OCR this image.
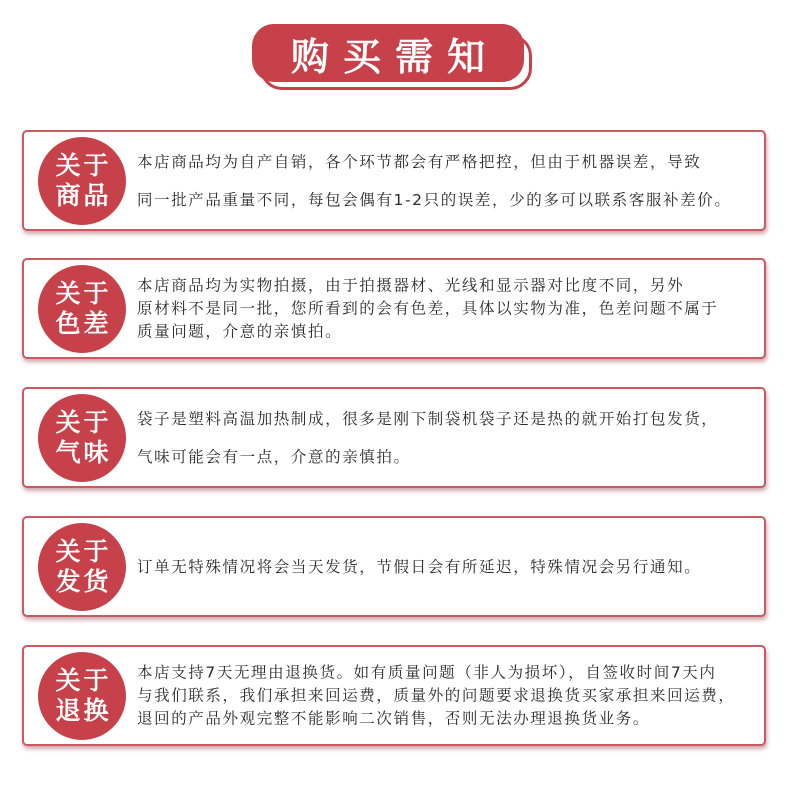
购买需知
关于
商品
本店商品均为自产自销，各个环节都会有严格把控，但由于机器误差，导致
同一批产品重量不同，每包会偶有1-2只的误差，少的多可以联系客服补差价。
关于
色差
本店商品均为实物拍摄，由于拍摄器材、光线和显示器对比度不同，另外
原材料不是同一批，您所看到的会有色差，具体以实物为准，色差问题不属于
质量问题，介意的亲慎拍。
关于
气味
袋子是塑料高温加热制成，很多是刚下制袋机袋子还是热的就开始打包发货，
气味可能会有一点，介意的亲慎拍。
关于
发货 订单无特殊情况将会当天发货，节假日会有所延迟，特殊情况会另行通知。
关于
退换
本店支持7天无理由退换货。如有质量问题（非人为损坏），自签收时间7天内
与我们联系，我们承担来回运费，质量外的问题要求退换货买家承担来回运费，
退回的产品外观完整不能影响二次销售，否则无法办理退换货业务。
